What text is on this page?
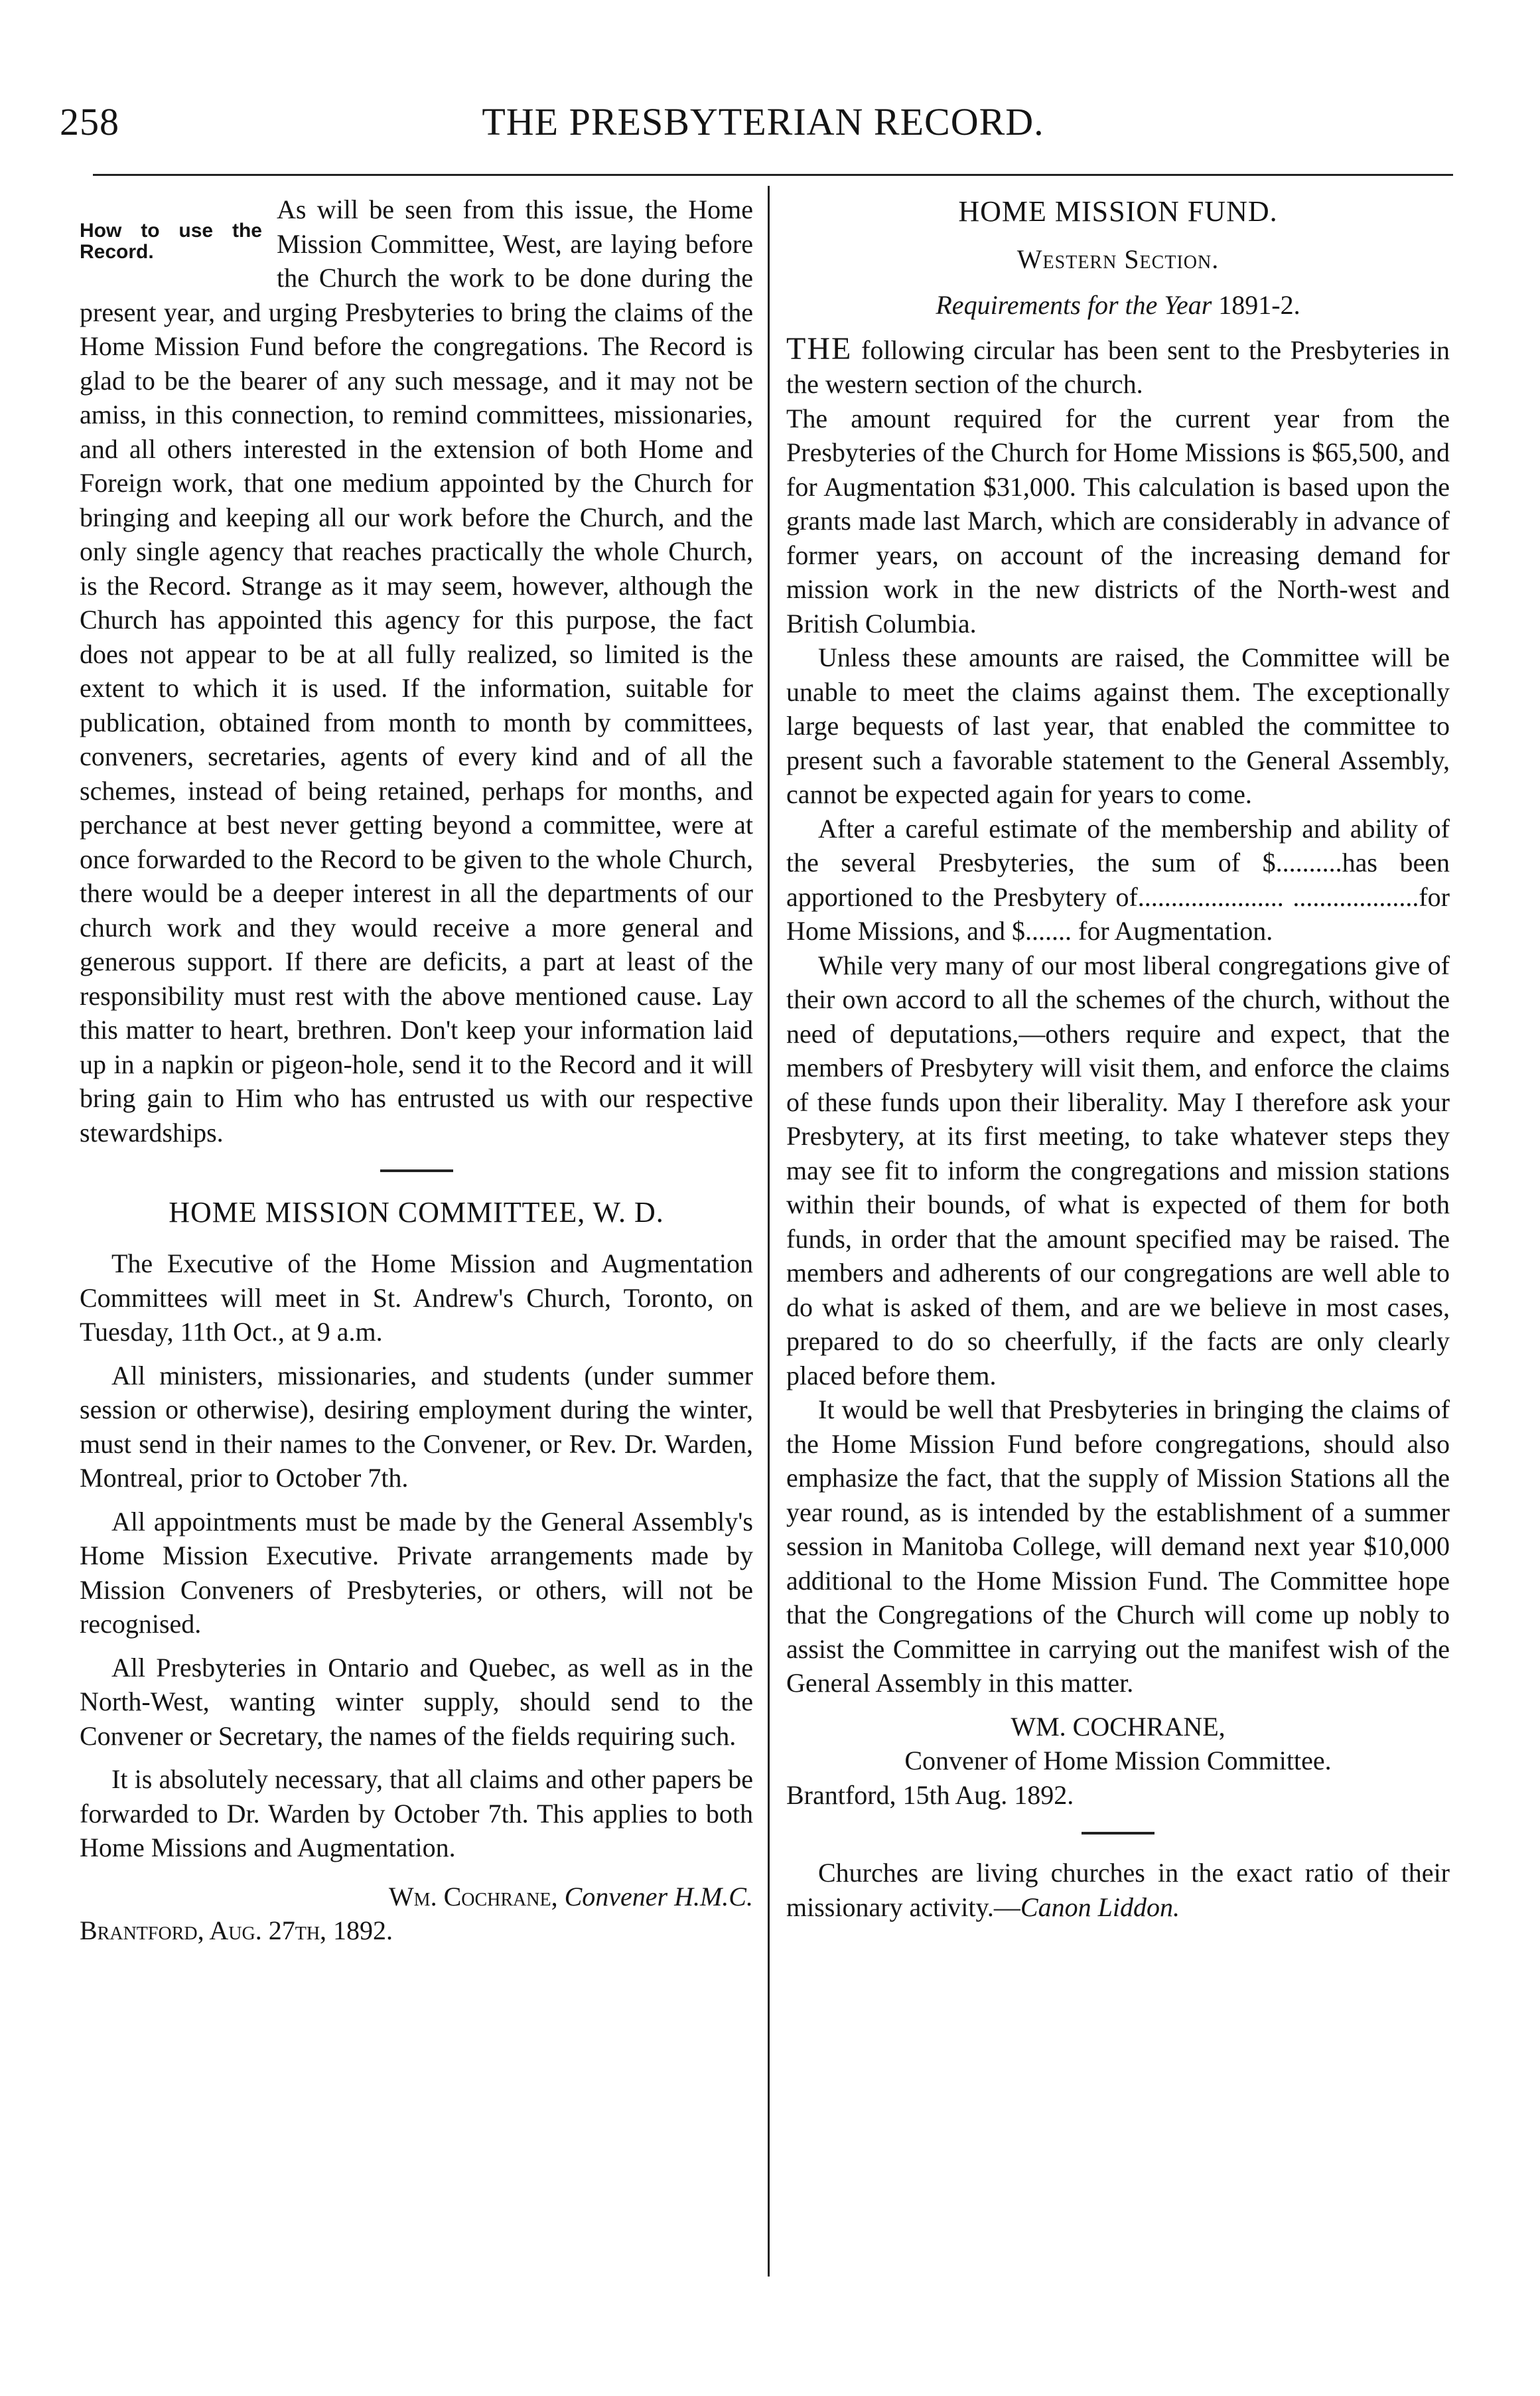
258	THE PRESBYTERIAN RECORD.

How to use the Record.
As will be seen from this issue, the Home Mission Committee, West, are laying before the Church the work to be done during the present year, and urging Presbyteries to bring the claims of the Home Mission Fund before the congregations. The Record is glad to be the bearer of any such message, and it may not be amiss, in this connection, to remind committees, missionaries, and all others interested in the extension of both Home and Foreign work, that one medium appointed by the Church for bringing and keeping all our work before the Church, and the only single agency that reaches practically the whole Church, is the Record. Strange as it may seem, however, although the Church has appointed this agency for this purpose, the fact does not appear to be at all fully realized, so limited is the extent to which it is used. If the information, suitable for publication, obtained from month to month by committees, conveners, secretaries, agents of every kind and of all the schemes, instead of being retained, perhaps for months, and perchance at best never getting beyond a committee, were at once forwarded to the Record to be given to the whole Church, there would be a deeper interest in all the departments of our church work and they would receive a more general and generous support. If there are deficits, a part at least of the responsibility must rest with the above mentioned cause. Lay this matter to heart, brethren. Don't keep your information laid up in a napkin or pigeon-hole, send it to the Record and it will bring gain to Him who has entrusted us with our respective stewardships.

HOME MISSION COMMITTEE, W. D.

The Executive of the Home Mission and Augmentation Committees will meet in St. Andrew's Church, Toronto, on Tuesday, 11th Oct., at 9 a.m.

All ministers, missionaries, and students (under summer session or otherwise), desiring employment during the winter, must send in their names to the Convener, or Rev. Dr. Warden, Montreal, prior to October 7th.

All appointments must be made by the General Assembly's Home Mission Executive. Private arrangements made by Mission Conveners of Presbyteries, or others, will not be recognised.

All Presbyteries in Ontario and Quebec, as well as in the North-West, wanting winter supply, should send to the Convener or Secretary, the names of the fields requiring such.

It is absolutely necessary, that all claims and other papers be forwarded to Dr. Warden by October 7th. This applies to both Home Missions and Augmentation.

Wm. Cochrane, Convener H.M.C.

Brantford, Aug. 27th, 1892.

HOME MISSION FUND.
Western Section.

Requirements for the Year 1891-2.

THE following circular has been sent to the Presbyteries in the western section of the church.

The amount required for the current year from the Presbyteries of the Church for Home Missions is $65,500, and for Augmentation $31,000. This calculation is based upon the grants made last March, which are considerably in advance of former years, on account of the increasing demand for mission work in the new districts of the North-west and British Columbia.

Unless these amounts are raised, the Committee will be unable to meet the claims against them. The exceptionally large bequests of last year, that enabled the committee to present such a favorable statement to the General Assembly, cannot be expected again for years to come.

After a careful estimate of the membership and ability of the several Presbyteries, the sum of $..........has been apportioned to the Presbytery of...................... ...................for Home Missions, and $....... for Augmentation.

While very many of our most liberal congregations give of their own accord to all the schemes of the church, without the need of deputations,—others require and expect, that the members of Presbytery will visit them, and enforce the claims of these funds upon their liberality. May I therefore ask your Presbytery, at its first meeting, to take whatever steps they may see fit to inform the congregations and mission stations within their bounds, of what is expected of them for both funds, in order that the amount specified may be raised. The members and adherents of our congregations are well able to do what is asked of them, and are we believe in most cases, prepared to do so cheerfully, if the facts are only clearly placed before them.

It would be well that Presbyteries in bringing the claims of the Home Mission Fund before congregations, should also emphasize the fact, that the supply of Mission Stations all the year round, as is intended by the establishment of a summer session in Manitoba College, will demand next year $10,000 additional to the Home Mission Fund. The Committee hope that the Congregations of the Church will come up nobly to assist the Committee in carrying out the manifest wish of the General Assembly in this matter.

WM. COCHRANE,

Convener of Home Mission Committee.

Brantford, 15th Aug. 1892.

Churches are living churches in the exact ratio of their missionary activity.—Canon Liddon.
